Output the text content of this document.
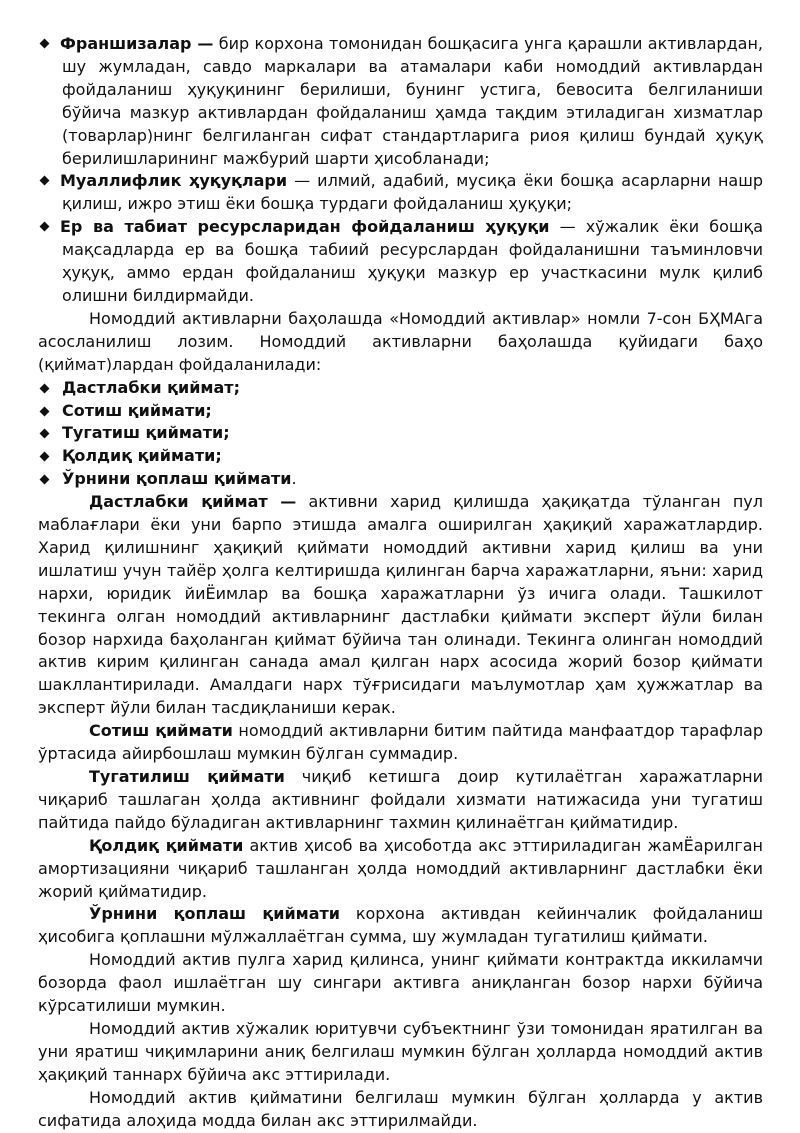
Франшизалар — бир корхона томонидан бошқасига унга қарашли активлардан, шу жумладан, савдо маркалари ва атамалари каби номоддий активлардан фойдаланиш ҳуқуқининг берилиши, бунинг устига, бевосита белгиланиши бўйича мазкур активлардан фойдаланиш ҳамда тақдим этиладиган хизматлар (товарлар)нинг белгиланган сифат стандартларига риоя қилиш бундай ҳуқуқ берилишларининг мажбурий шарти ҳисобланади;

Муаллифлик ҳуқуқлари — илмий, адабий, мусиқа ёки бошқа асарларни нашр қилиш, ижро этиш ёки бошқа турдаги фойдаланиш ҳуқуқи;

Ер ва табиат ресурсларидан фойдаланиш ҳуқуқи — хўжалик ёки бошқа мақсадларда ер ва бошқа табиий ресурслардан фойдаланишни таъминловчи ҳуқуқ, аммо ердан фойдаланиш ҳуқуқи мазкур ер участкасини мулк қилиб олишни билдирмайди.

Номоддий активларни баҳолашда «Номоддий активлар» номли 7-сон БҲМАга асосланилиш лозим. Номоддий активларни баҳолашда қуйидаги баҳо (қиймат)лардан фойдаланилади:

Дастлабки қиймат;
Сотиш қиймати;
Тугатиш қиймати;
Қолдиқ қиймати;
Ўрнини қоплаш қиймати.

Дастлабки қиймат — активни харид қилишда ҳақиқатда тўланган пул маблағлари ёки уни барпо этишда амалга оширилган ҳақиқий харажатлардир. Харид қилишнинг ҳақиқий қиймати номоддий активни харид қилиш ва уни ишлатиш учун тайёр ҳолга келтиришда қилинган барча харажатларни, яъни: харид нархи, юридик йиЁимлар ва бошқа харажатларни ўз ичига олади. Ташкилот текинга олган номоддий активларнинг дастлабки қиймати эксперт йўли билан бозор нархида баҳоланган қиймат бўйича тан олинади. Текинга олинган номоддий актив кирим қилинган санада амал қилган нарх асосида жорий бозор қиймати шакллантирилади. Амалдаги нарх тўғрисидаги маълумотлар ҳам ҳужжатлар ва эксперт йўли билан тасдиқланиши керак.

Сотиш қиймати номоддий активларни битим пайтида манфаатдор тарафлар ўртасида айирбошлаш мумкин бўлган суммадир.

Тугатилиш қиймати чиқиб кетишга доир кутилаётган харажатларни чиқариб ташлаган ҳолда активнинг фойдали хизмати натижасида уни тугатиш пайтида пайдо бўладиган активларнинг тахмин қилинаётган қийматидир.

Қолдиқ қиймати актив ҳисоб ва ҳисоботда акс эттириладиган жамЁарилган амортизацияни чиқариб ташланган ҳолда номоддий активларнинг дастлабки ёки жорий қийматидир.

Ўрнини қоплаш қиймати корхона активдан кейинчалик фойдаланиш ҳисобига қоплашни мўлжаллаётган сумма, шу жумладан тугатилиш қиймати.

Номоддий актив пулга харид қилинса, унинг қиймати контрактда иккиламчи бозорда фаол ишлаётган шу сингари активга аниқланган бозор нархи бўйича кўрсатилиши мумкин.

Номоддий актив хўжалик юритувчи субъектнинг ўзи томонидан яратилган ва уни яратиш чиқимларини аниқ белгилаш мумкин бўлган ҳолларда номоддий актив ҳақиқий таннарх бўйича акс эттирилади.

Номоддий актив қийматини белгилаш мумкин бўлган ҳолларда у актив сифатида алоҳида модда билан акс эттирилмайди.
